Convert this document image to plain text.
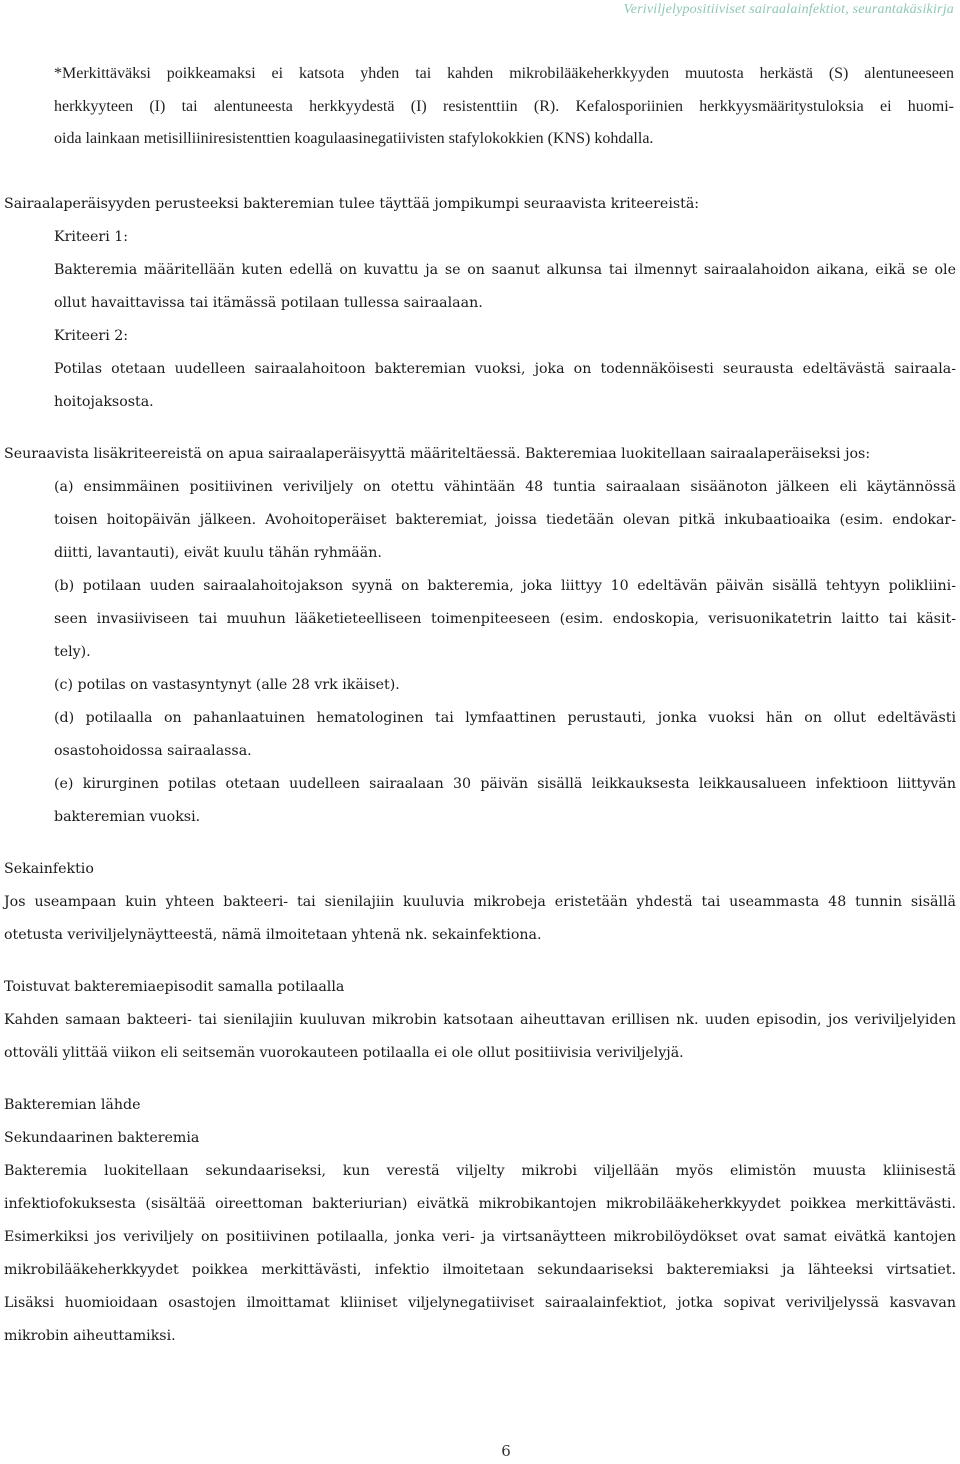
Veriviljelypositiiviset sairaalainfektiot, seurantakäsikirja

*Merkittäväksi poikkeamaksi ei katsota yhden tai kahden mikrobilääkeherkkyyden muutosta herkästä (S) alentuneeseen

herkkyyteen (I) tai alentuneesta herkkyydestä (I) resistenttiin (R). Kefalosporiinien herkkyysmääritystuloksia ei huomi-

oida lainkaan metisilliiniresistenttien koagulaasinegatiivisten stafylokokkien (KNS) kohdalla.

Sairaalaperäisyyden perusteeksi bakteremian tulee täyttää jompikumpi seuraavista kriteereistä:

Kriteeri 1:

Bakteremia määritellään kuten edellä on kuvattu ja se on saanut alkunsa tai ilmennyt sairaalahoidon aikana, eikä se ole

ollut havaittavissa tai itämässä potilaan tullessa sairaalaan.

Kriteeri 2:

Potilas otetaan uudelleen sairaalahoitoon bakteremian vuoksi, joka on todennäköisesti seurausta edeltävästä sairaala-

hoitojaksosta.

Seuraavista lisäkriteereistä on apua sairaalaperäisyyttä määriteltäessä. Bakteremiaa luokitellaan sairaalaperäiseksi jos:

(a) ensimmäinen positiivinen veriviljely on otettu vähintään 48 tuntia sairaalaan sisäänoton jälkeen eli käytännössä

toisen hoitopäivän jälkeen. Avohoitoperäiset bakteremiat, joissa tiedetään olevan pitkä inkubaatioaika (esim. endokar-

diitti, lavantauti), eivät kuulu tähän ryhmään.

(b) potilaan uuden sairaalahoitojakson syynä on bakteremia, joka liittyy 10 edeltävän päivän sisällä tehtyyn polikliini-

seen invasiiviseen tai muuhun lääketieteelliseen toimenpiteeseen (esim. endoskopia, verisuonikatetrin laitto tai käsit-

tely).

(c) potilas on vastasyntynyt (alle 28 vrk ikäiset).

(d) potilaalla on pahanlaatuinen hematologinen tai lymfaattinen perustauti, jonka vuoksi hän on ollut edeltävästi

osastohoidossa sairaalassa.

(e) kirurginen potilas otetaan uudelleen sairaalaan 30 päivän sisällä leikkauksesta leikkausalueen infektioon liittyvän

bakteremian vuoksi.

Sekainfektio

Jos useampaan kuin yhteen bakteeri- tai sienilajiin kuuluvia mikrobeja eristetään yhdestä tai useammasta 48 tunnin sisällä

otetusta veriviljelynäytteestä, nämä ilmoitetaan yhtenä nk. sekainfektiona.

Toistuvat bakteremiaepisodit samalla potilaalla

Kahden samaan bakteeri- tai sienilajiin kuuluvan mikrobin katsotaan aiheuttavan erillisen nk. uuden episodin, jos veriviljelyiden

ottoväli ylittää viikon eli seitsemän vuorokauteen potilaalla ei ole ollut positiivisia veriviljelyjä.

Bakteremian lähde

Sekundaarinen bakteremia

Bakteremia luokitellaan sekundaariseksi, kun verestä viljelty mikrobi viljellään myös elimistön muusta kliinisestä

infektiofokuksesta (sisältää oireettoman bakteriurian) eivätkä mikrobikantojen mikrobilääkeherkkyydet poikkea merkittävästi.

Esimerkiksi jos veriviljely on positiivinen potilaalla, jonka veri- ja virtsanäytteen mikrobilöydökset ovat samat eivätkä kantojen

mikrobilääkeherkkyydet poikkea merkittävästi, infektio ilmoitetaan sekundaariseksi bakteremiaksi ja lähteeksi virtsatiet.

Lisäksi huomioidaan osastojen ilmoittamat kliiniset viljelynegatiiviset sairaalainfektiot, jotka sopivat veriviljelyssä kasvavan

mikrobin aiheuttamiksi.

6
